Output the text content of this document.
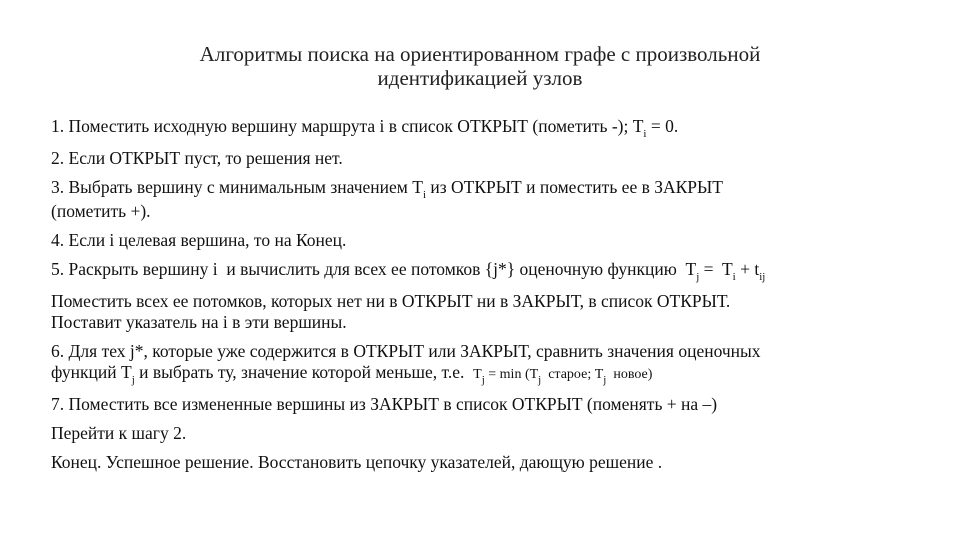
Алгоритмы поиска на ориентированном графе с произвольной
идентификацией узлов
1. Поместить исходную вершину маршрута i в список ОТКРЫТ (пометить -); $T_i = 0$.
2. Если ОТКРЫТ пуст, то решения нет.
3. Выбрать вершину с минимальным значением $T_i$ из ОТКРЫТ и поместить ее в ЗАКРЫТ
(пометить +).
4. Если i целевая вершина, то на Конец.
5. Раскрыть вершину i  и вычислить для всех ее потомков {j*} оценочную функцию  $T_j = T_i + t_{ij}$
Поместить всех ее потомков, которых нет ни в ОТКРЫТ ни в ЗАКРЫТ, в список ОТКРЫТ.
Поставит указатель на i в эти вершины.
6. Для тех j*, которые уже содержится в ОТКРЫТ или ЗАКРЫТ, сравнить значения оценочных
функций $T_j$ и выбрать ту, значение которой меньше, т.е.  $T_j = \min (T_j$  старое; $T_j$  новое)
7. Поместить все измененные вершины из ЗАКРЫТ в список ОТКРЫТ (поменять + на –)
Перейти к шагу 2.
Конец. Успешное решение. Восстановить цепочку указателей, дающую решение .
